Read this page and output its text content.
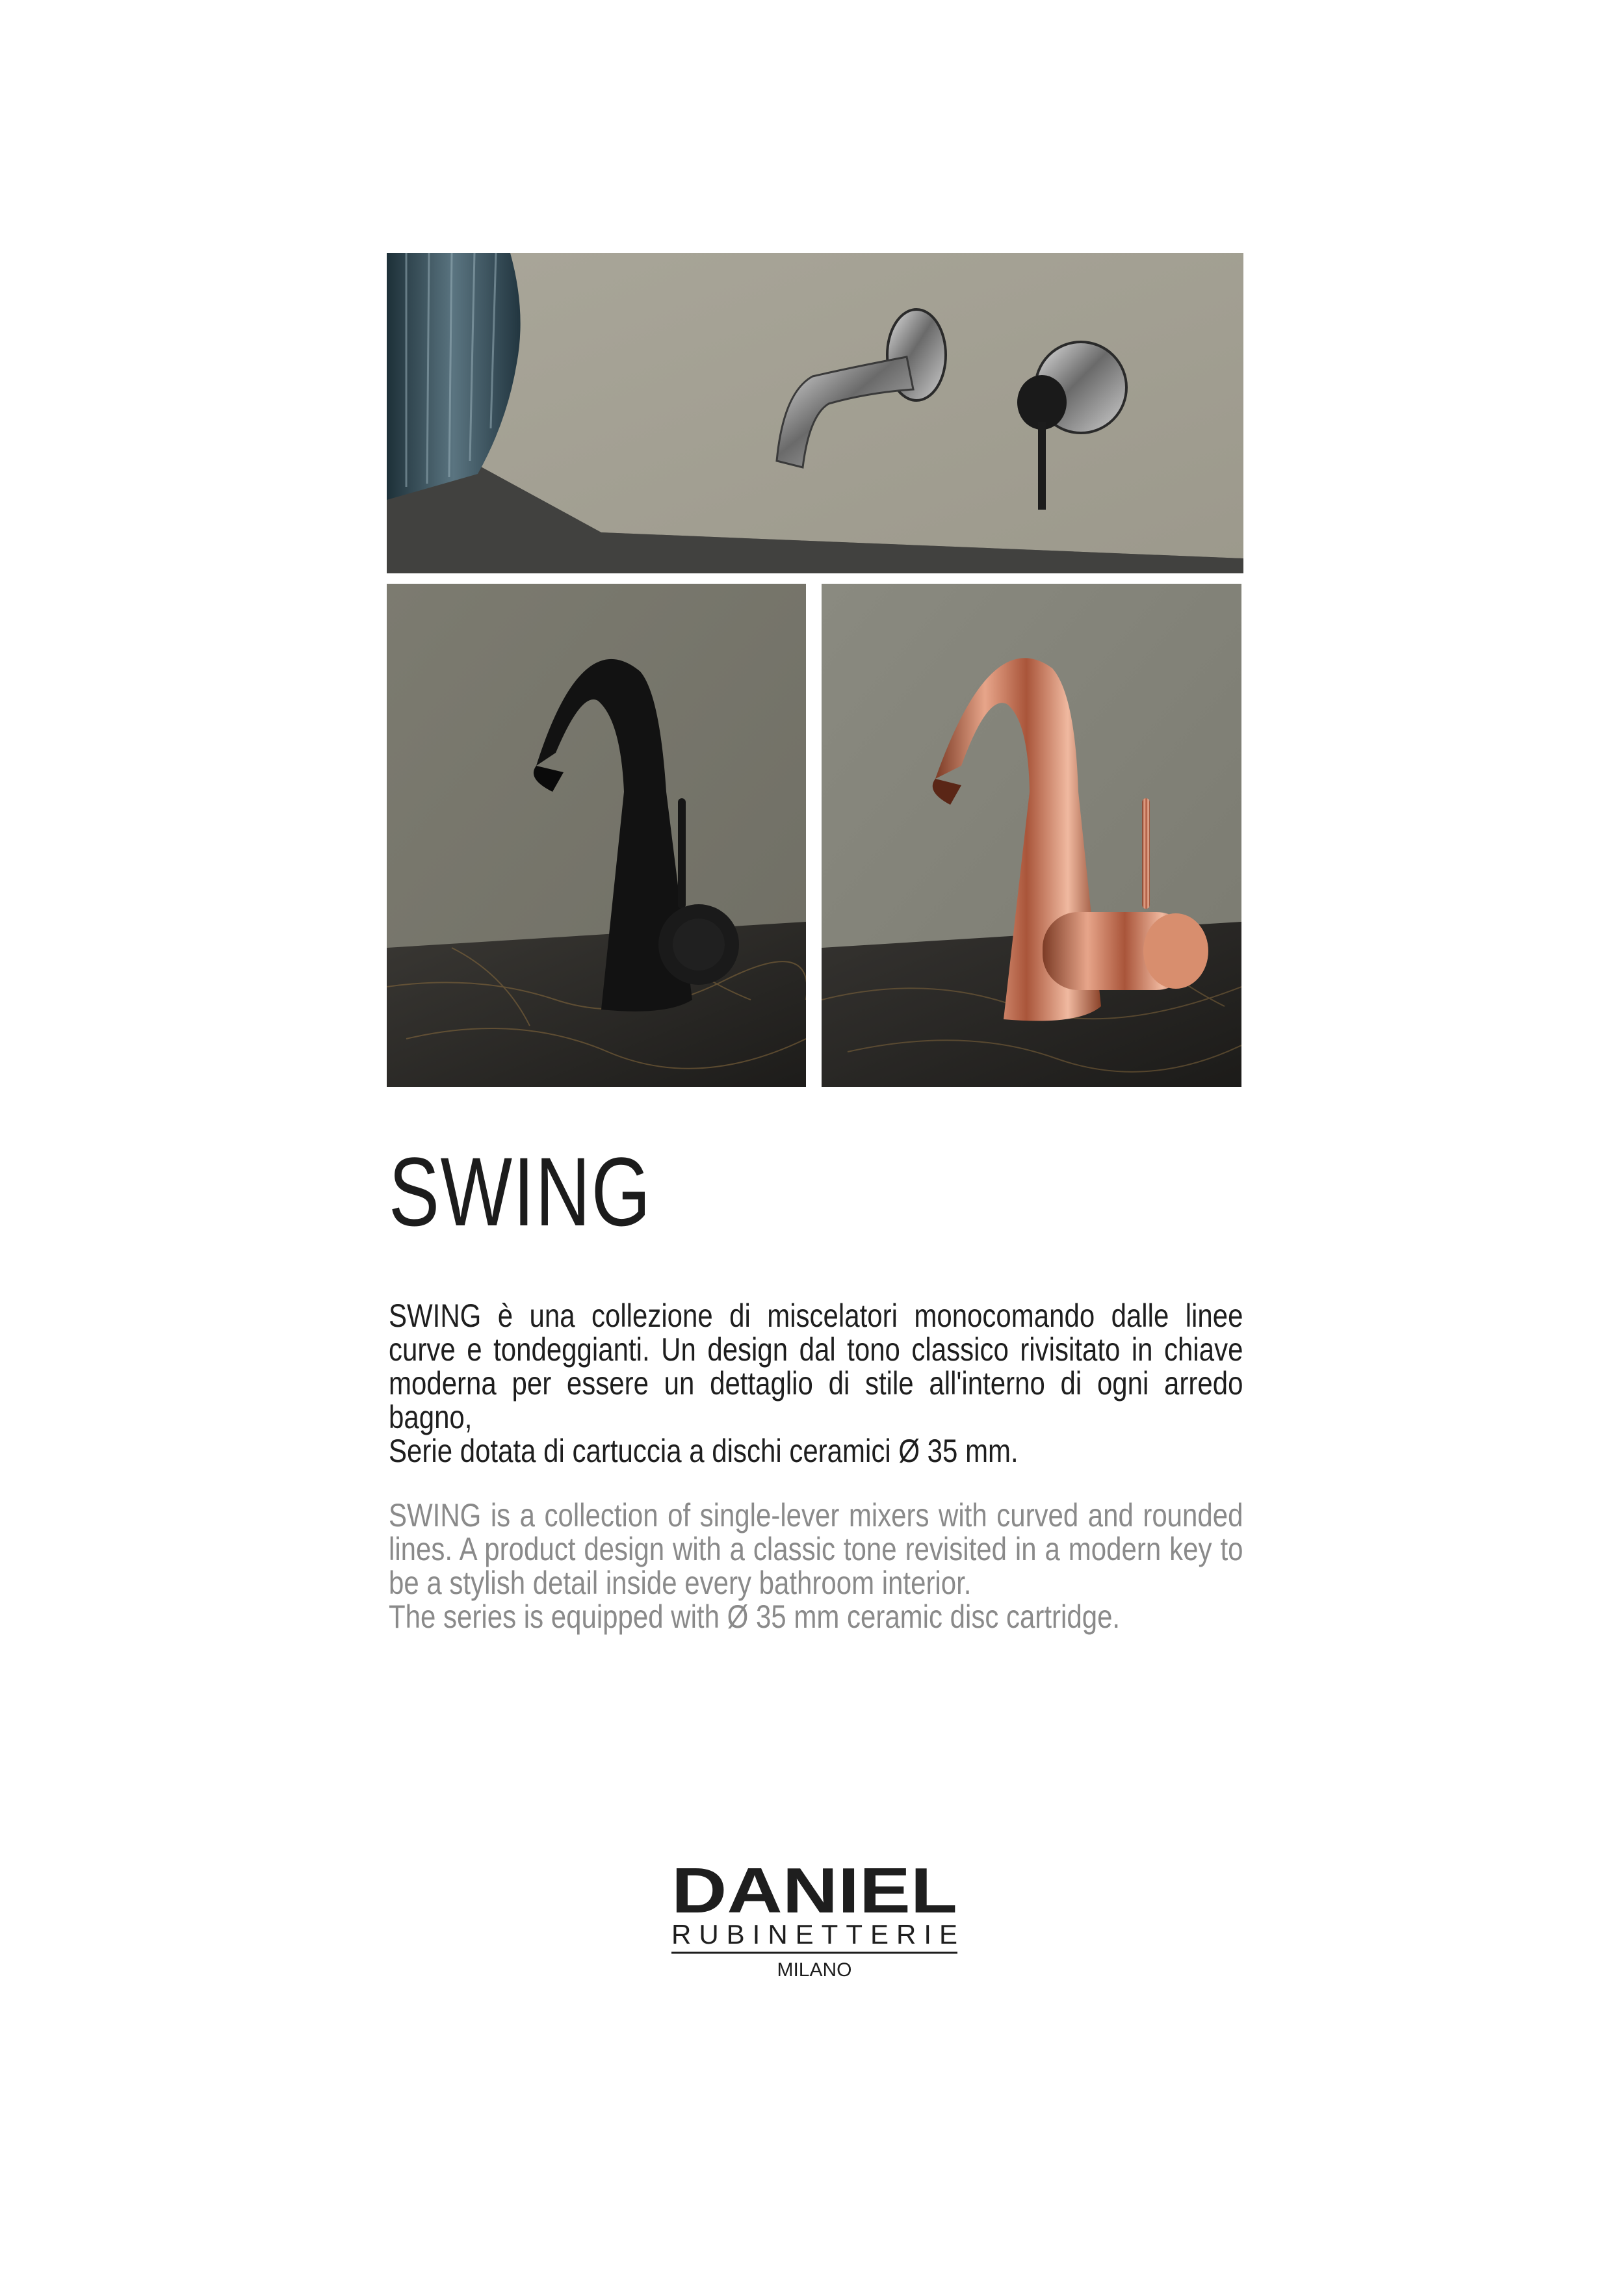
SWING

SWING è una collezione di miscelatori monocomando dalle linee curve e tondeggianti. Un design dal tono classico rivisitato in chiave moderna per essere un dettaglio di stile all'interno di ogni arredo bagno,

Serie dotata di cartuccia a dischi ceramici Ø 35 mm.

SWING is a collection of single-lever mixers with curved and rounded lines. A product design with a classic tone revisited in a modern key to be a stylish detail inside every bathroom interior.

The series is equipped with Ø 35 mm ceramic disc cartridge.

DANIEL
RUBINETTERIE
MILANO
